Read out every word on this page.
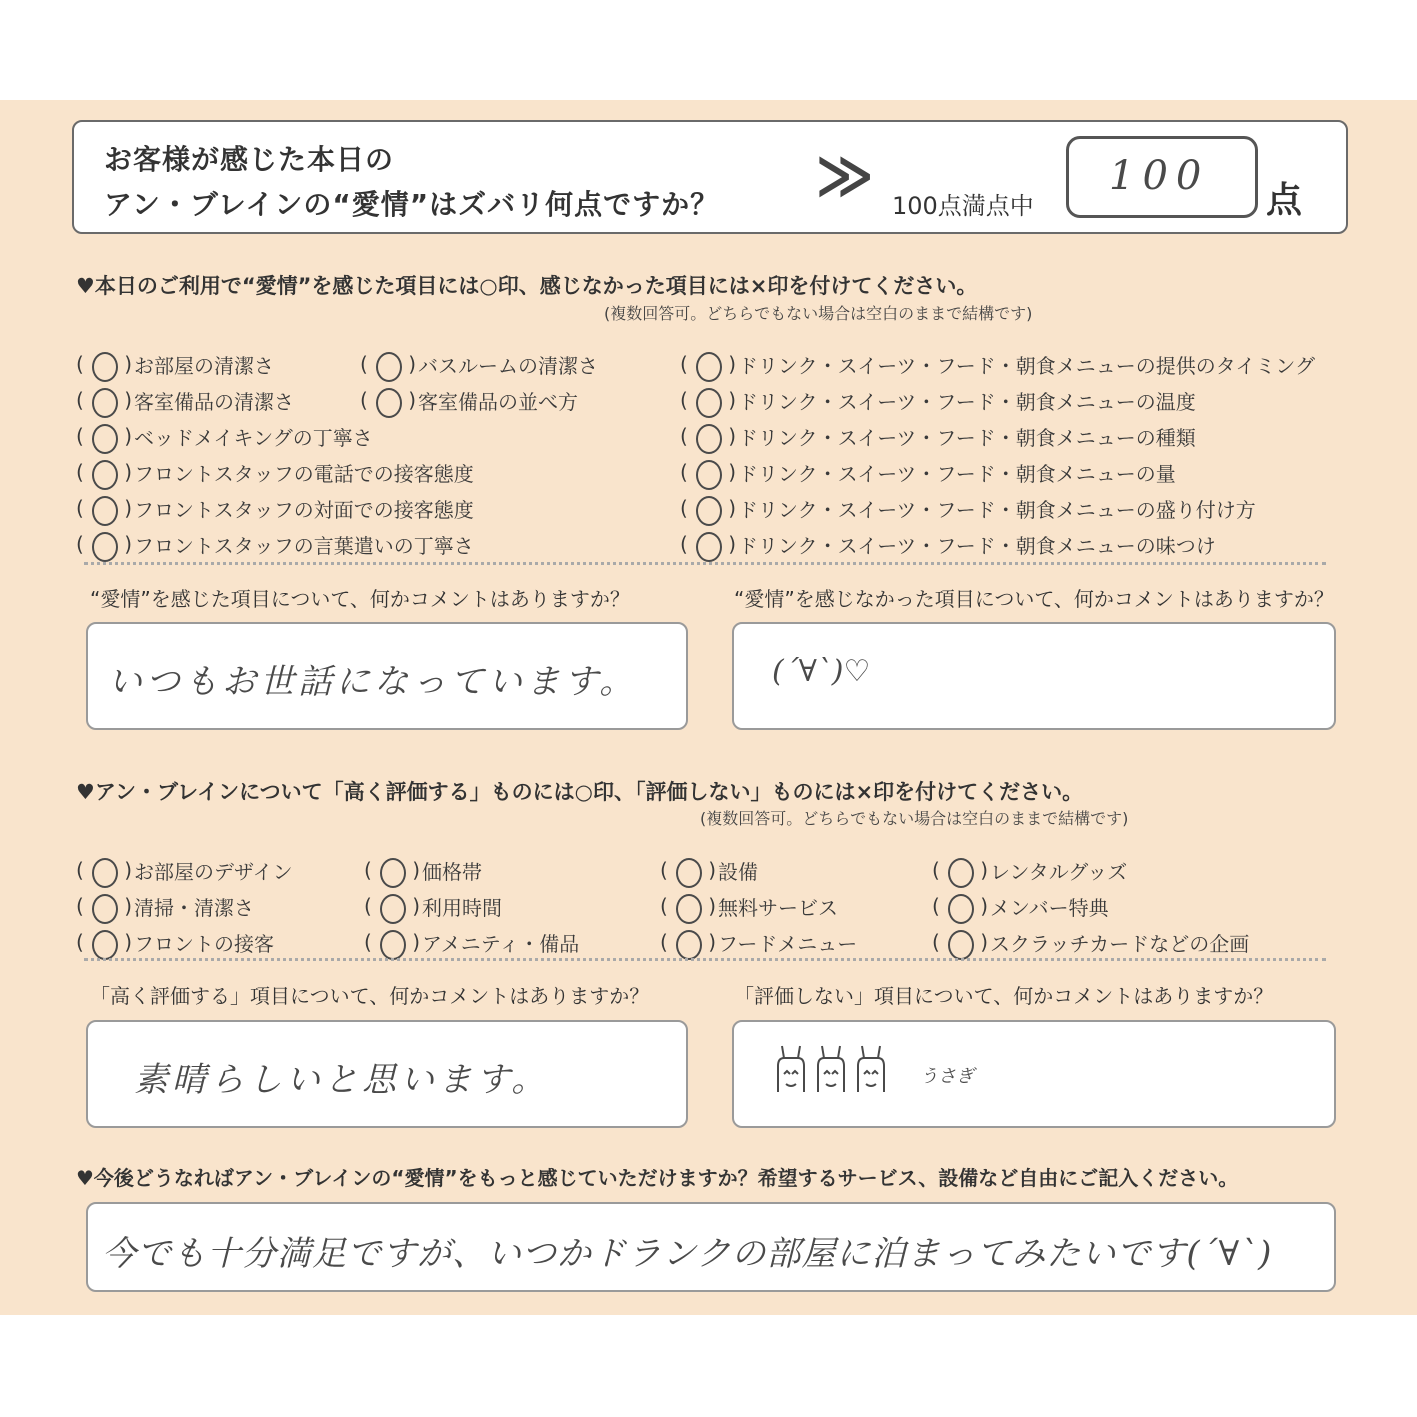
お客様が感じた本日の
アン・ブレインの“愛情”はズバリ何点ですか？ ≫ 100点満点中
100
点
♥本日のご利用で“愛情”を感じた項目には○印、感じなかった項目には×印を付けてください。
(複数回答可。どちらでもない場合は空白のままで結構です)
( ○ ) お部屋の清潔さ	( ○ ) バスルームの清潔さ	( ○ ) ドリンク・スイーツ・フード・朝食メニューの提供のタイミング
( ○ ) 客室備品の清潔さ	( ○ ) 客室備品の並べ方	( ○ ) ドリンク・スイーツ・フード・朝食メニューの温度
( ○ ) ベッドメイキングの丁寧さ	( ○ ) ドリンク・スイーツ・フード・朝食メニューの種類
( ○ ) フロントスタッフの電話での接客態度	( ○ ) ドリンク・スイーツ・フード・朝食メニューの量
( ○ ) フロントスタッフの対面での接客態度	( ○ ) ドリンク・スイーツ・フード・朝食メニューの盛り付け方
( ○ ) フロントスタッフの言葉遣いの丁寧さ	( ○ ) ドリンク・スイーツ・フード・朝食メニューの味つけ
“愛情”を感じた項目について、何かコメントはありますか？	“愛情”を感じなかった項目について、何かコメントはありますか？
いつもお世話になっています。	(´∀`)♡
♥アン・ブレインについて「高く評価する」ものには○印、「評価しない」ものには×印を付けてください。
(複数回答可。どちらでもない場合は空白のままで結構です)
( ○ ) お部屋のデザイン	( ○ ) 価格帯	( ○ ) 設備	( ○ ) レンタルグッズ
( ○ ) 清掃・清潔さ	( ○ ) 利用時間	( ○ ) 無料サービス	( ○ ) メンバー特典
( ○ ) フロントの接客	( ○ ) アメニティ・備品	( ○ ) フードメニュー	( ○ ) スクラッチカードなどの企画
「高く評価する」項目について、何かコメントはありますか？	「評価しない」項目について、何かコメントはありますか？
素晴らしいと思います。	うさぎ
♥今後どうなればアン・ブレインの“愛情”をもっと感じていただけますか？希望するサービス、設備など自由にご記入ください。
今でも十分満足ですが、いつかドランクの部屋に泊まってみたいです(´∀`)
